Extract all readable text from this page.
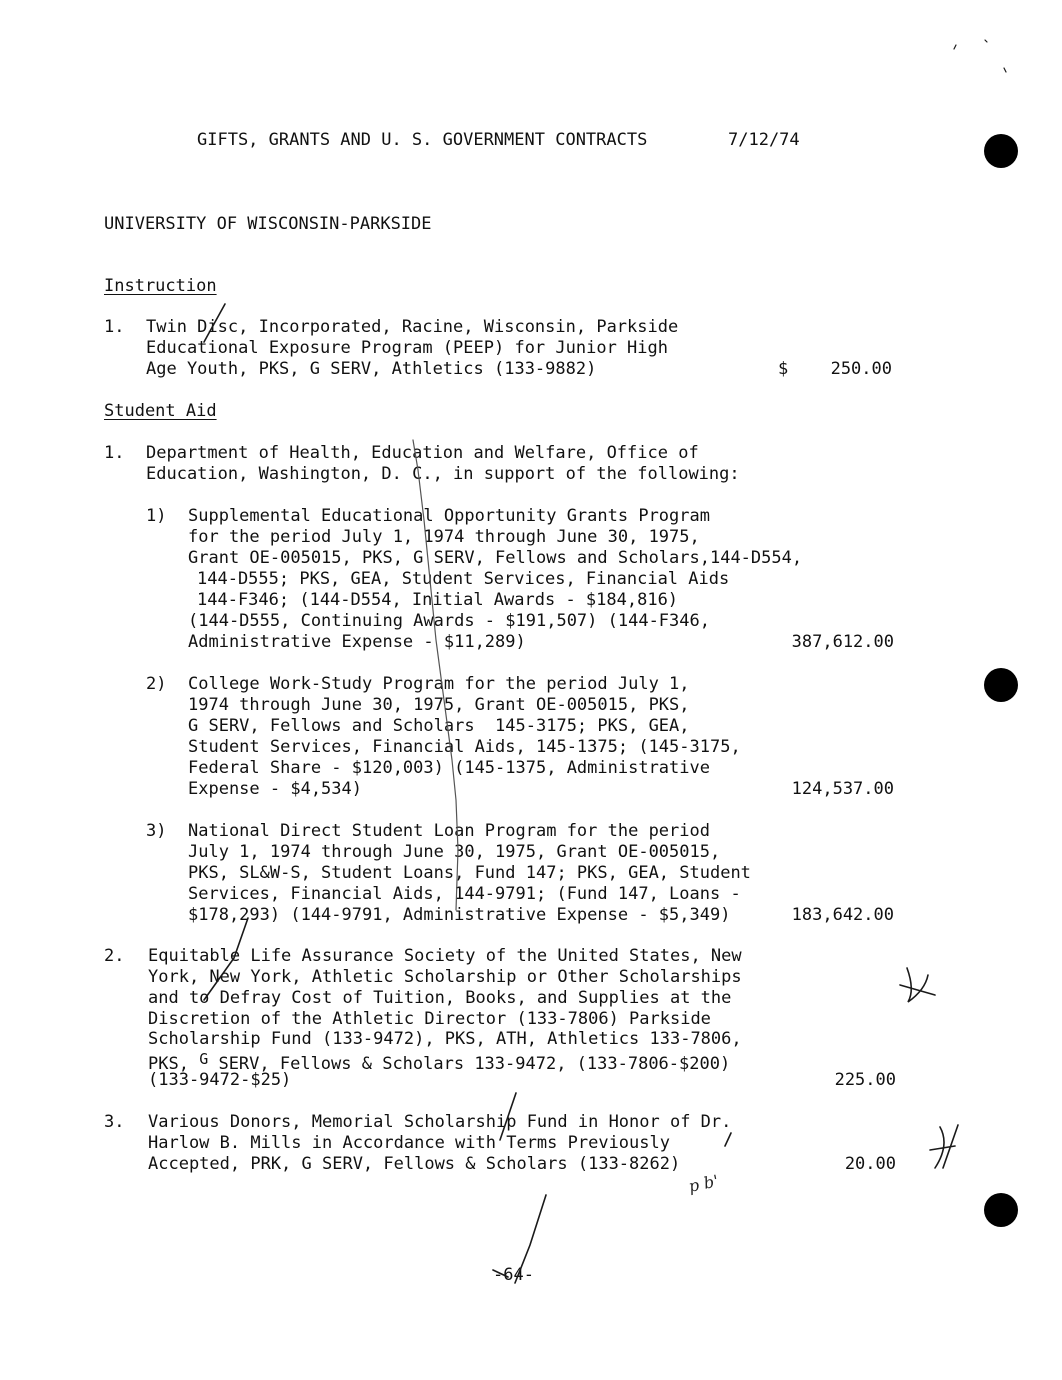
GIFTS, GRANTS AND U. S. GOVERNMENT CONTRACTS	7/12/74
UNIVERSITY OF WISCONSIN-PARKSIDE
Instruction
1. Twin Disc, Incorporated, Racine, Wisconsin, Parkside
Educational Exposure Program (PEEP) for Junior High
Age Youth, PKS, G SERV, Athletics (133-9882)	$	250.00
Student Aid
1. Department of Health, Education and Welfare, Office of
Education, Washington, D. C., in support of the following:
1) Supplemental Educational Opportunity Grants Program
for the period July 1, 1974 through June 30, 1975,
Grant OE-005015, PKS, G SERV, Fellows and Scholars,144-D554,
144-D555; PKS, GEA, Student Services, Financial Aids
144-F346; (144-D554, Initial Awards - $184,816)
(144-D555, Continuing Awards - $191,507) (144-F346,
Administrative Expense - $11,289)	387,612.00
2) College Work-Study Program for the period July 1,
1974 through June 30, 1975, Grant OE-005015, PKS,
G SERV, Fellows and Scholars  145-3175; PKS, GEA,
Student Services, Financial Aids, 145-1375; (145-3175,
Federal Share - $120,003) (145-1375, Administrative
Expense - $4,534)	124,537.00
3) National Direct Student Loan Program for the period
July 1, 1974 through June 30, 1975, Grant OE-005015,
PKS, SL&W-S, Student Loans, Fund 147; PKS, GEA, Student
Services, Financial Aids, 144-9791; (Fund 147, Loans -
$178,293) (144-9791, Administrative Expense - $5,349)	183,642.00
2. Equitable Life Assurance Society of the United States, New
York, New York, Athletic Scholarship or Other Scholarships
and to Defray Cost of Tuition, Books, and Supplies at the
Discretion of the Athletic Director (133-7806) Parkside
Scholarship Fund (133-9472), PKS, ATH, Athletics 133-7806,
PKS, G SERV, Fellows & Scholars 133-9472, (133-7806-$200)
(133-9472-$25)	225.00
3. Various Donors, Memorial Scholarship Fund in Honor of Dr.
Harlow B. Mills in Accordance with Terms Previously
Accepted, PRK, G SERV, Fellows & Scholars (133-8262)	20.00
-64-
p b'
